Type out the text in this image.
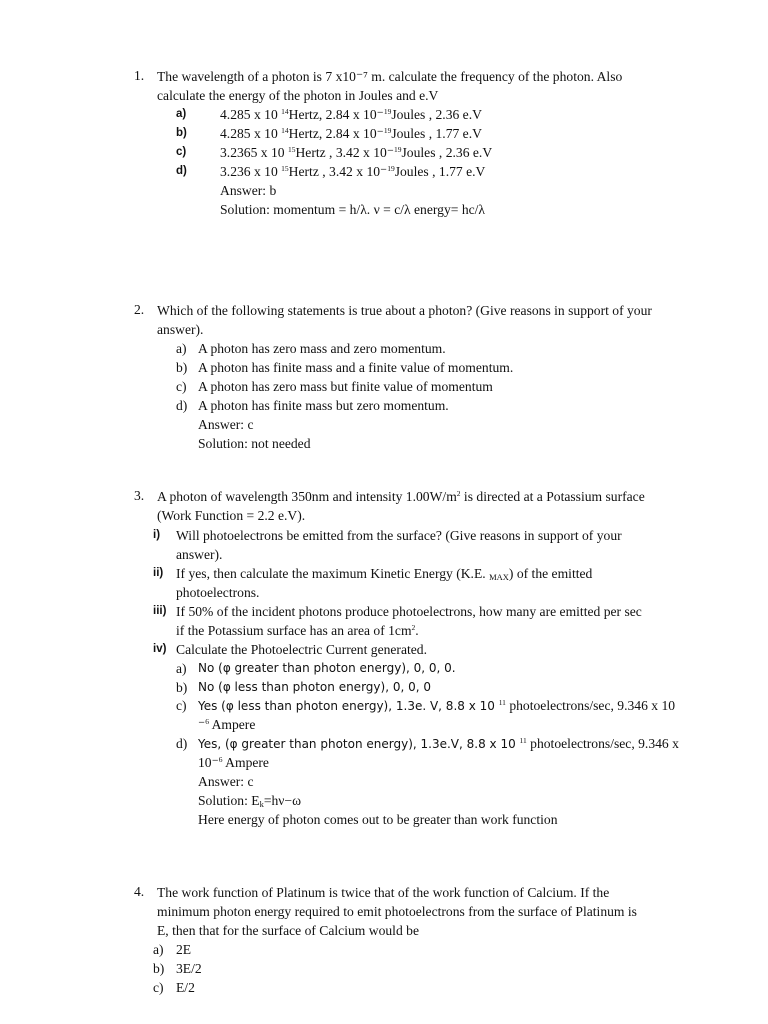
1. The wavelength of a photon is 7 x10⁻⁷ m. calculate the frequency of the photon. Also
calculate the energy of the photon in Joules and e.V
a) 4.285 x 10 $^{14}$Hertz, 2.84 x 10⁻$^{19}$Joules , 2.36 e.V
b) 4.285 x 10 $^{14}$Hertz, 2.84 x 10⁻$^{19}$Joules , 1.77 e.V
c) 3.2365 x 10 $^{15}$Hertz , 3.42 x 10⁻$^{19}$Joules , 2.36 e.V
d) 3.236 x 10 $^{15}$Hertz , 3.42 x 10⁻$^{19}$Joules , 1.77 e.V
Answer: b
Solution: momentum = h/λ. ν = c/λ energy= hc/λ
2. Which of the following statements is true about a photon? (Give reasons in support of your
answer).
a) A photon has zero mass and zero momentum.
b) A photon has finite mass and a finite value of momentum.
c) A photon has zero mass but finite value of momentum
d) A photon has finite mass but zero momentum.
Answer: c
Solution: not needed
3. A photon of wavelength 350nm and intensity $1.00W/m^2$ is directed at a Potassium surface
(Work Function = 2.2 e.V).
i) Will photoelectrons be emitted from the surface? (Give reasons in support of your
answer).
ii) If yes, then calculate the maximum Kinetic Energy (K.E. $_{MAX}$) of the emitted
photoelectrons.
iii) If 50% of the incident photons produce photoelectrons, how many are emitted per sec
if the Potassium surface has an area of $1cm^2$.
iv) Calculate the Photoelectric Current generated.
a) No (φ greater than photon energy), 0, 0, 0.
b) No (φ less than photon energy), 0, 0, 0
c) Yes (φ less than photon energy), 1.3e. V, 8.8 x 10 $^{11}$ photoelectrons/sec, 9.346 x 10
⁻$^6$ Ampere
d) Yes, (φ greater than photon energy), 1.3e.V, 8.8 x 10 $^{11}$ photoelectrons/sec, 9.346 x
10⁻$^6$ Ampere
Answer: c
Solution: $E_k=h\nu-\omega$
Here energy of photon comes out to be greater than work function
4. The work function of Platinum is twice that of the work function of Calcium. If the
minimum photon energy required to emit photoelectrons from the surface of Platinum is
E, then that for the surface of Calcium would be
a) 2E
b) 3E/2
c) E/2
